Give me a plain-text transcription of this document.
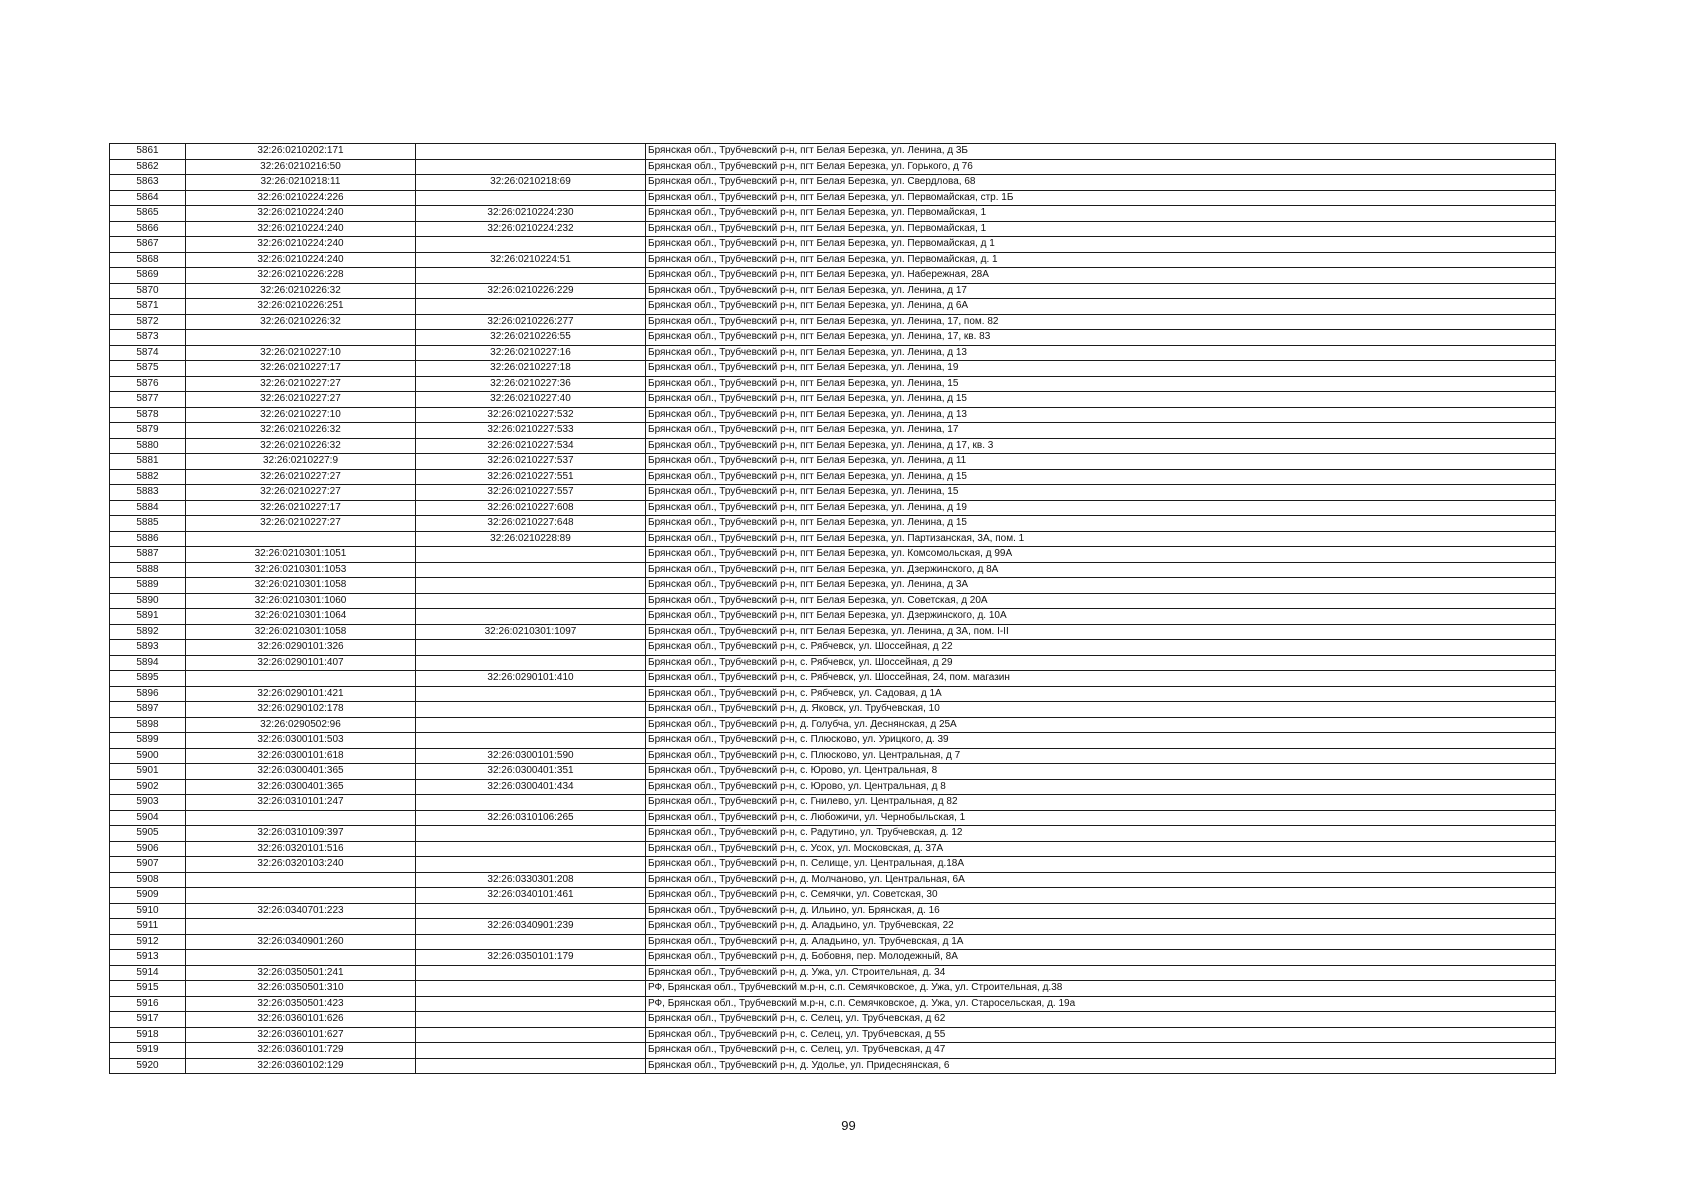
5861	32:26:0210202:171		Брянская обл., Трубчевский р-н, пгт Белая Березка, ул. Ленина, д 3Б
5862	32:26:0210216:50		Брянская обл., Трубчевский р-н, пгт Белая Березка, ул. Горького, д 76
5863	32:26:0210218:11	32:26:0210218:69	Брянская обл., Трубчевский р-н, пгт Белая Березка, ул. Свердлова, 68
5864	32:26:0210224:226		Брянская обл., Трубчевский р-н, пгт Белая Березка, ул. Первомайская, стр. 1Б
5865	32:26:0210224:240	32:26:0210224:230	Брянская обл., Трубчевский р-н, пгт Белая Березка, ул. Первомайская, 1
5866	32:26:0210224:240	32:26:0210224:232	Брянская обл., Трубчевский р-н, пгт Белая Березка, ул. Первомайская, 1
5867	32:26:0210224:240		Брянская обл., Трубчевский р-н, пгт Белая Березка, ул. Первомайская, д 1
5868	32:26:0210224:240	32:26:0210224:51	Брянская обл., Трубчевский р-н, пгт Белая Березка, ул. Первомайская, д. 1
5869	32:26:0210226:228		Брянская обл., Трубчевский р-н, пгт Белая Березка, ул. Набережная, 28А
5870	32:26:0210226:32	32:26:0210226:229	Брянская обл., Трубчевский р-н, пгт Белая Березка, ул. Ленина, д 17
5871	32:26:0210226:251		Брянская обл., Трубчевский р-н, пгт Белая Березка, ул. Ленина, д 6А
5872	32:26:0210226:32	32:26:0210226:277	Брянская обл., Трубчевский р-н, пгт Белая Березка, ул. Ленина, 17, пом. 82
5873		32:26:0210226:55	Брянская обл., Трубчевский р-н, пгт Белая Березка, ул. Ленина, 17, кв. 83
5874	32:26:0210227:10	32:26:0210227:16	Брянская обл., Трубчевский р-н, пгт Белая Березка, ул. Ленина, д 13
5875	32:26:0210227:17	32:26:0210227:18	Брянская обл., Трубчевский р-н, пгт Белая Березка, ул. Ленина, 19
5876	32:26:0210227:27	32:26:0210227:36	Брянская обл., Трубчевский р-н, пгт Белая Березка, ул. Ленина, 15
5877	32:26:0210227:27	32:26:0210227:40	Брянская обл., Трубчевский р-н, пгт Белая Березка, ул. Ленина, д 15
5878	32:26:0210227:10	32:26:0210227:532	Брянская обл., Трубчевский р-н, пгт Белая Березка, ул. Ленина, д 13
5879	32:26:0210226:32	32:26:0210227:533	Брянская обл., Трубчевский р-н, пгт Белая Березка, ул. Ленина, 17
5880	32:26:0210226:32	32:26:0210227:534	Брянская обл., Трубчевский р-н, пгт Белая Березка, ул. Ленина, д 17, кв. 3
5881	32:26:0210227:9	32:26:0210227:537	Брянская обл., Трубчевский р-н, пгт Белая Березка, ул. Ленина, д 11
5882	32:26:0210227:27	32:26:0210227:551	Брянская обл., Трубчевский р-н, пгт Белая Березка, ул. Ленина, д 15
5883	32:26:0210227:27	32:26:0210227:557	Брянская обл., Трубчевский р-н, пгт Белая Березка, ул. Ленина, 15
5884	32:26:0210227:17	32:26:0210227:608	Брянская обл., Трубчевский р-н, пгт Белая Березка, ул. Ленина, д 19
5885	32:26:0210227:27	32:26:0210227:648	Брянская обл., Трубчевский р-н, пгт Белая Березка, ул. Ленина, д 15
5886		32:26:0210228:89	Брянская обл., Трубчевский р-н, пгт Белая Березка, ул. Партизанская, 3А, пом. 1
5887	32:26:0210301:1051		Брянская обл., Трубчевский р-н, пгт Белая Березка, ул. Комсомольская, д 99А
5888	32:26:0210301:1053		Брянская обл., Трубчевский р-н, пгт Белая Березка, ул. Дзержинского, д 8А
5889	32:26:0210301:1058		Брянская обл., Трубчевский р-н, пгт Белая Березка, ул. Ленина, д 3А
5890	32:26:0210301:1060		Брянская обл., Трубчевский р-н, пгт Белая Березка, ул. Советская, д 20А
5891	32:26:0210301:1064		Брянская обл., Трубчевский р-н, пгт Белая Березка, ул. Дзержинского, д. 10А
5892	32:26:0210301:1058	32:26:0210301:1097	Брянская обл., Трубчевский р-н, пгт Белая Березка, ул. Ленина, д 3А, пом. I-II
5893	32:26:0290101:326		Брянская обл., Трубчевский р-н, с. Рябчевск, ул. Шоссейная, д 22
5894	32:26:0290101:407		Брянская обл., Трубчевский р-н, с. Рябчевск, ул. Шоссейная, д 29
5895		32:26:0290101:410	Брянская обл., Трубчевский р-н, с. Рябчевск, ул. Шоссейная, 24, пом. магазин
5896	32:26:0290101:421		Брянская обл., Трубчевский р-н, с. Рябчевск, ул. Садовая, д 1А
5897	32:26:0290102:178		Брянская обл., Трубчевский р-н, д. Яковск, ул. Трубчевская, 10
5898	32:26:0290502:96		Брянская обл., Трубчевский р-н, д. Голубча, ул. Деснянская, д 25А
5899	32:26:0300101:503		Брянская обл., Трубчевский р-н, с. Плюсково, ул. Урицкого, д. 39
5900	32:26:0300101:618	32:26:0300101:590	Брянская обл., Трубчевский р-н, с. Плюсково, ул. Центральная, д 7
5901	32:26:0300401:365	32:26:0300401:351	Брянская обл., Трубчевский р-н, с. Юрово, ул. Центральная, 8
5902	32:26:0300401:365	32:26:0300401:434	Брянская обл., Трубчевский р-н, с. Юрово, ул. Центральная, д 8
5903	32:26:0310101:247		Брянская обл., Трубчевский р-н, с. Гнилево, ул. Центральная, д 82
5904		32:26:0310106:265	Брянская обл., Трубчевский р-н, с. Любожичи, ул. Чернобыльская, 1
5905	32:26:0310109:397		Брянская обл., Трубчевский р-н, с. Радутино, ул. Трубчевская, д. 12
5906	32:26:0320101:516		Брянская обл., Трубчевский р-н, с. Усох, ул. Московская, д. 37А
5907	32:26:0320103:240		Брянская обл., Трубчевский р-н, п. Селище, ул. Центральная, д.18А
5908		32:26:0330301:208	Брянская обл., Трубчевский р-н, д. Молчаново, ул. Центральная, 6А
5909		32:26:0340101:461	Брянская обл., Трубчевский р-н, с. Семячки, ул. Советская, 30
5910	32:26:0340701:223		Брянская обл., Трубчевский р-н, д. Ильино, ул. Брянская, д. 16
5911		32:26:0340901:239	Брянская обл., Трубчевский р-н, д. Аладьино, ул. Трубчевская, 22
5912	32:26:0340901:260		Брянская обл., Трубчевский р-н, д. Аладьино, ул. Трубчевская, д 1А
5913		32:26:0350101:179	Брянская обл., Трубчевский р-н, д. Бобовня, пер. Молодежный, 8А
5914	32:26:0350501:241		Брянская обл., Трубчевский р-н, д. Ужа, ул. Строительная, д. 34
5915	32:26:0350501:310		РФ, Брянская обл., Трубчевский м.р-н, с.п. Семячковское, д. Ужа, ул. Строительная, д.38
5916	32:26:0350501:423		РФ, Брянская обл., Трубчевский м.р-н, с.п. Семячковское, д. Ужа, ул. Старосельская, д. 19а
5917	32:26:0360101:626		Брянская обл., Трубчевский р-н, с. Селец, ул. Трубчевская, д 62
5918	32:26:0360101:627		Брянская обл., Трубчевский р-н, с. Селец, ул. Трубчевская, д 55
5919	32:26:0360101:729		Брянская обл., Трубчевский р-н, с. Селец, ул. Трубчевская, д 47
5920	32:26:0360102:129		Брянская обл., Трубчевский р-н, д. Удолье, ул. Придеснянская, 6
99
